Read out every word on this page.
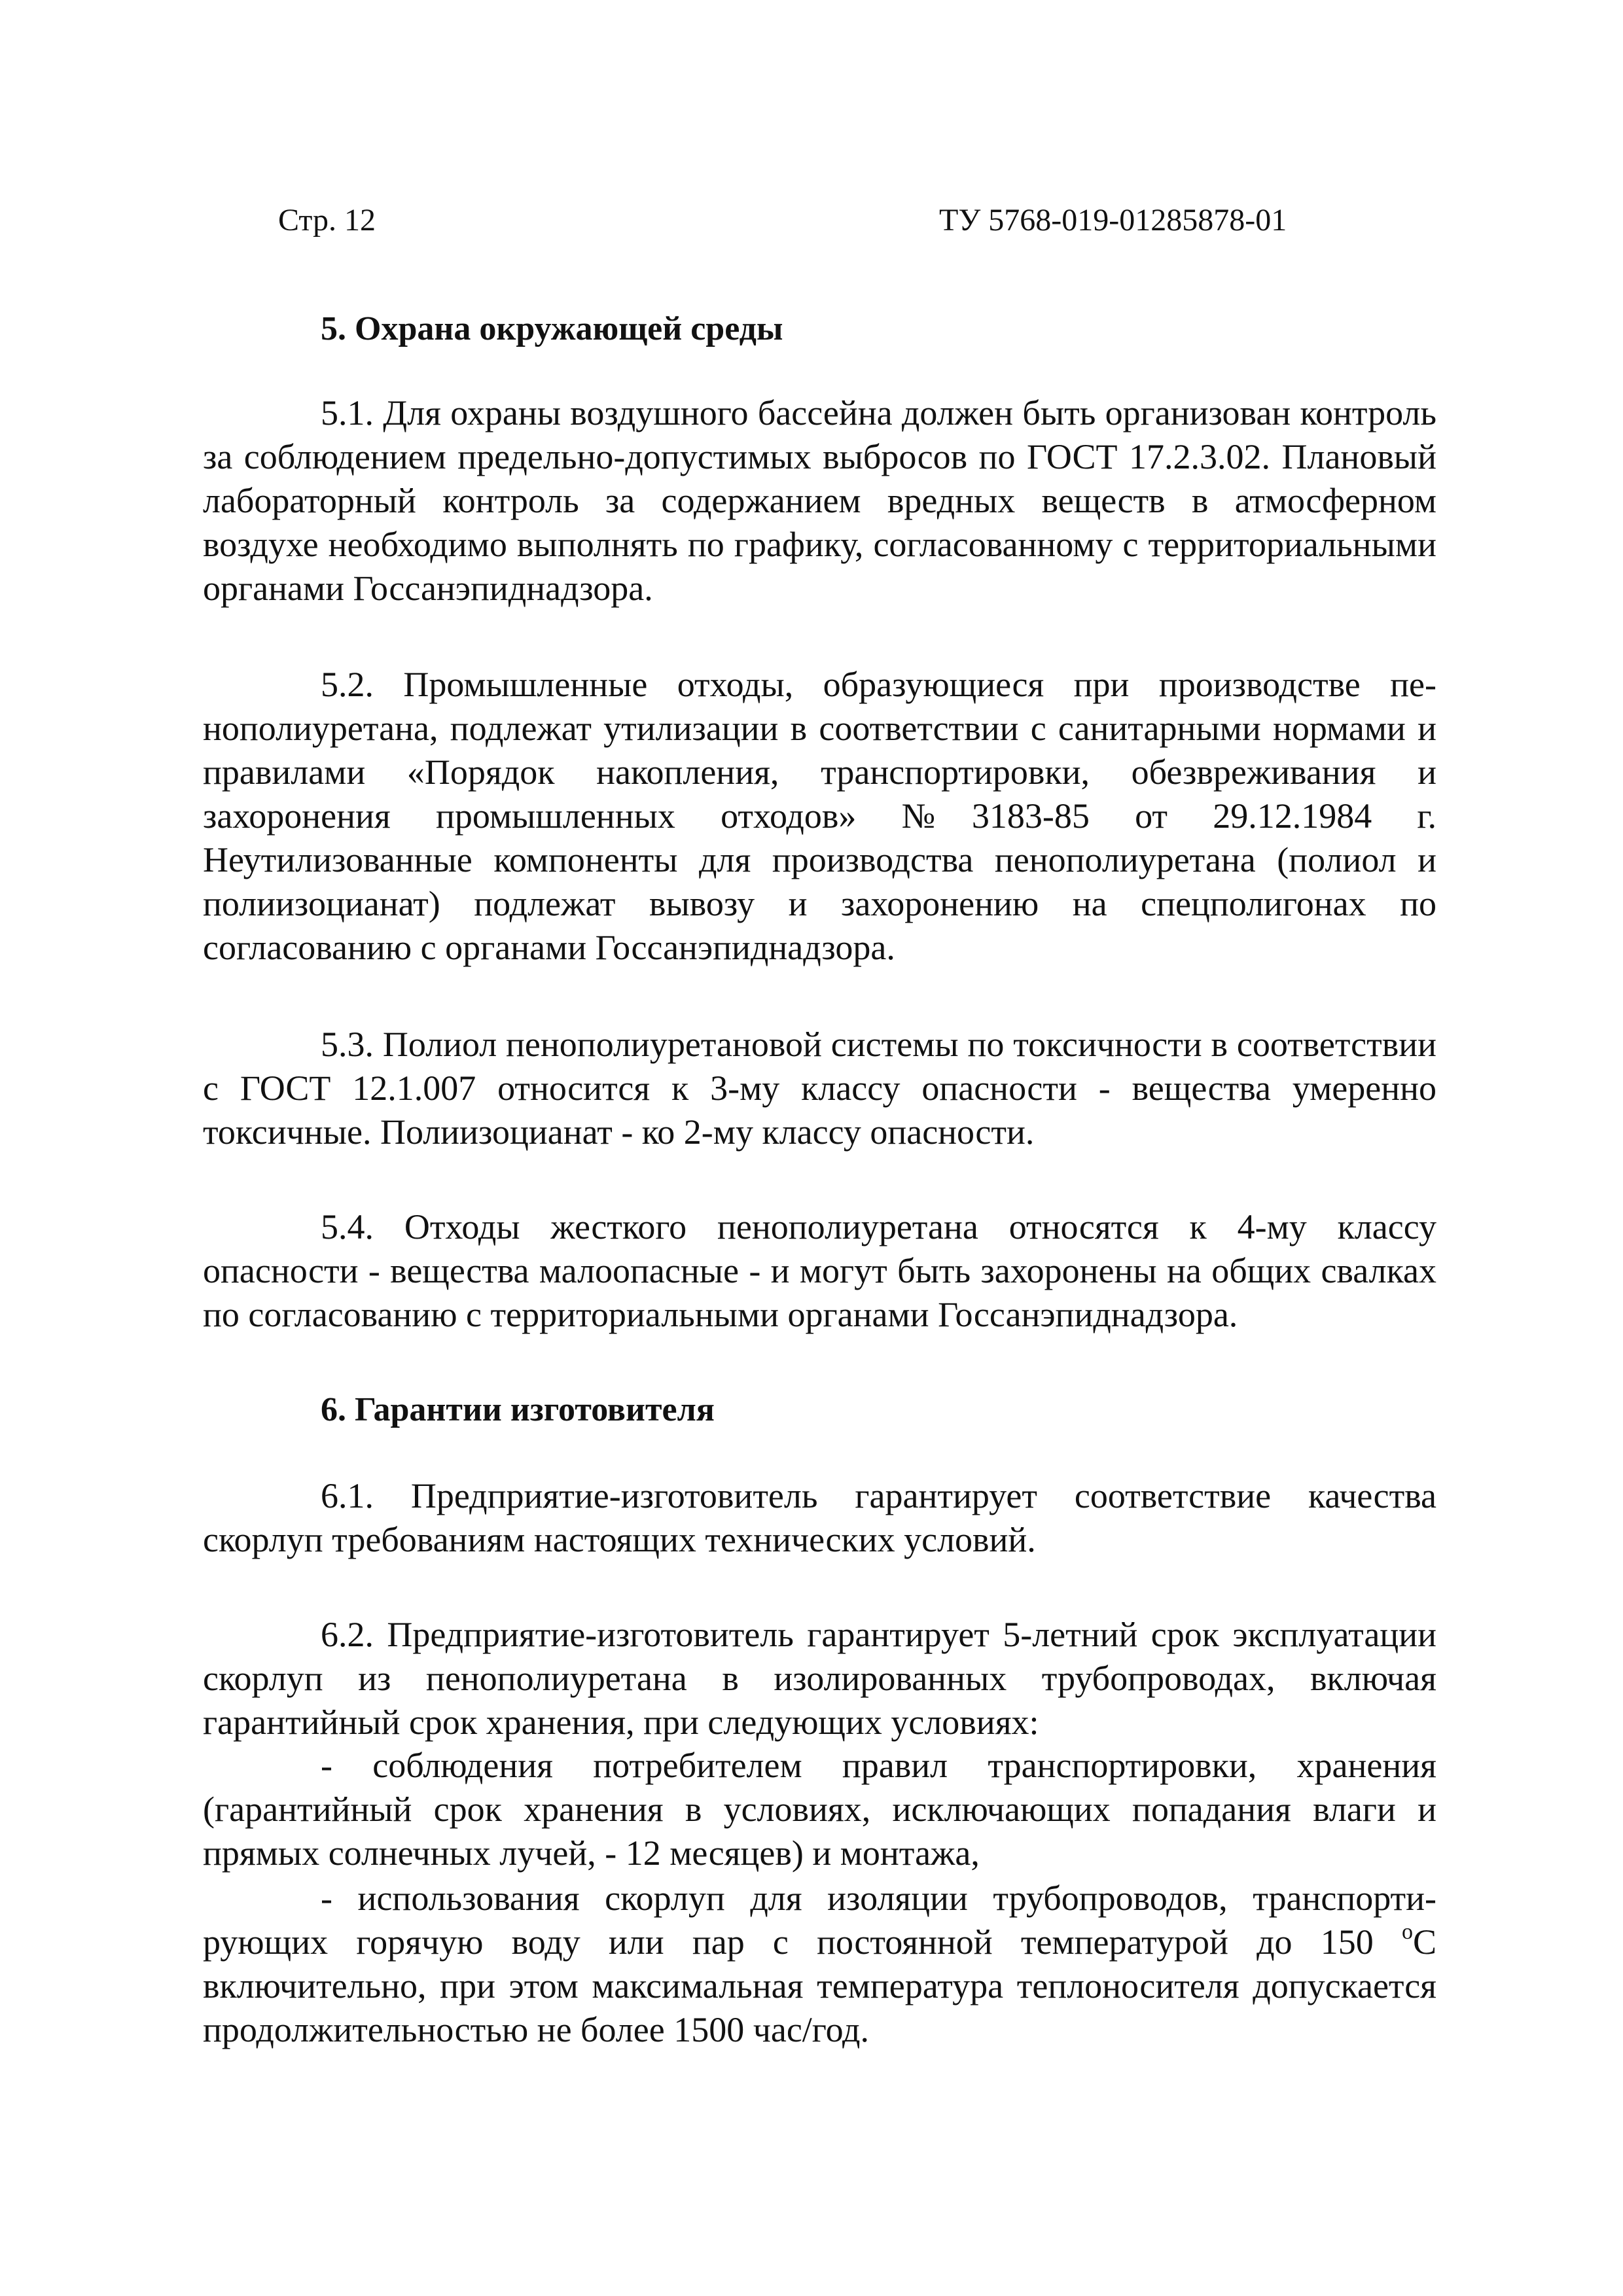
Стр. 12	ТУ 5768-019-01285878-01
5. Охрана окружающей среды
5.1. Для охраны воздушного бассейна должен быть организован контроль за соблюдением предельно-допустимых выбросов по ГОСТ 17.2.3.02. Плановый лабораторный контроль за содержанием вредных веществ в атмосферном воздухе необходимо выполнять по графику, согласованному с территориальными органами Госсанэпиднадзора.
5.2. Промышленные отходы, образующиеся при производстве пенополиуретана, подлежат утилизации в соответствии с санитарными нормами и правилами «Порядок накопления, транспортировки, обезвреживания и захоронения промышленных отходов» №3183-85 от 29.12.1984 г. Неутилизованные компоненты для производства пенополиуретана (полиол и полиизоцианат) подлежат вывозу и захоронению на спецполигонах по согласованию с органами Госсанэпиднадзора.
5.3. Полиол пенополиуретановой системы по токсичности в соответствии с ГОСТ 12.1.007 относится к 3-му классу опасности - вещества умеренно токсичные. Полиизоцианат - ко 2-му классу опасности.
5.4. Отходы жесткого пенополиуретана относятся к 4-му классу опасности - вещества малоопасные - и могут быть захоронены на общих свалках по согласованию с территориальными органами Госсанэпиднадзора.
6. Гарантии изготовителя
6.1. Предприятие-изготовитель гарантирует соответствие качества скорлуп требованиям настоящих технических условий.
6.2. Предприятие-изготовитель гарантирует 5-летний срок эксплуатации скорлуп из пенополиуретана в изолированных трубопроводах, включая гарантийный срок хранения, при следующих условиях:
- соблюдения потребителем правил транспортировки, хранения (гарантийный срок хранения в условиях, исключающих попадания влаги и прямых солнечных лучей, - 12 месяцев) и монтажа,
- использования скорлуп для изоляции трубопроводов, транспортирующих горячую воду или пар с постоянной температурой до 150 $^o$С включительно, при этом максимальная температура теплоносителя допускается продолжительностью не более 1500 час/год.
